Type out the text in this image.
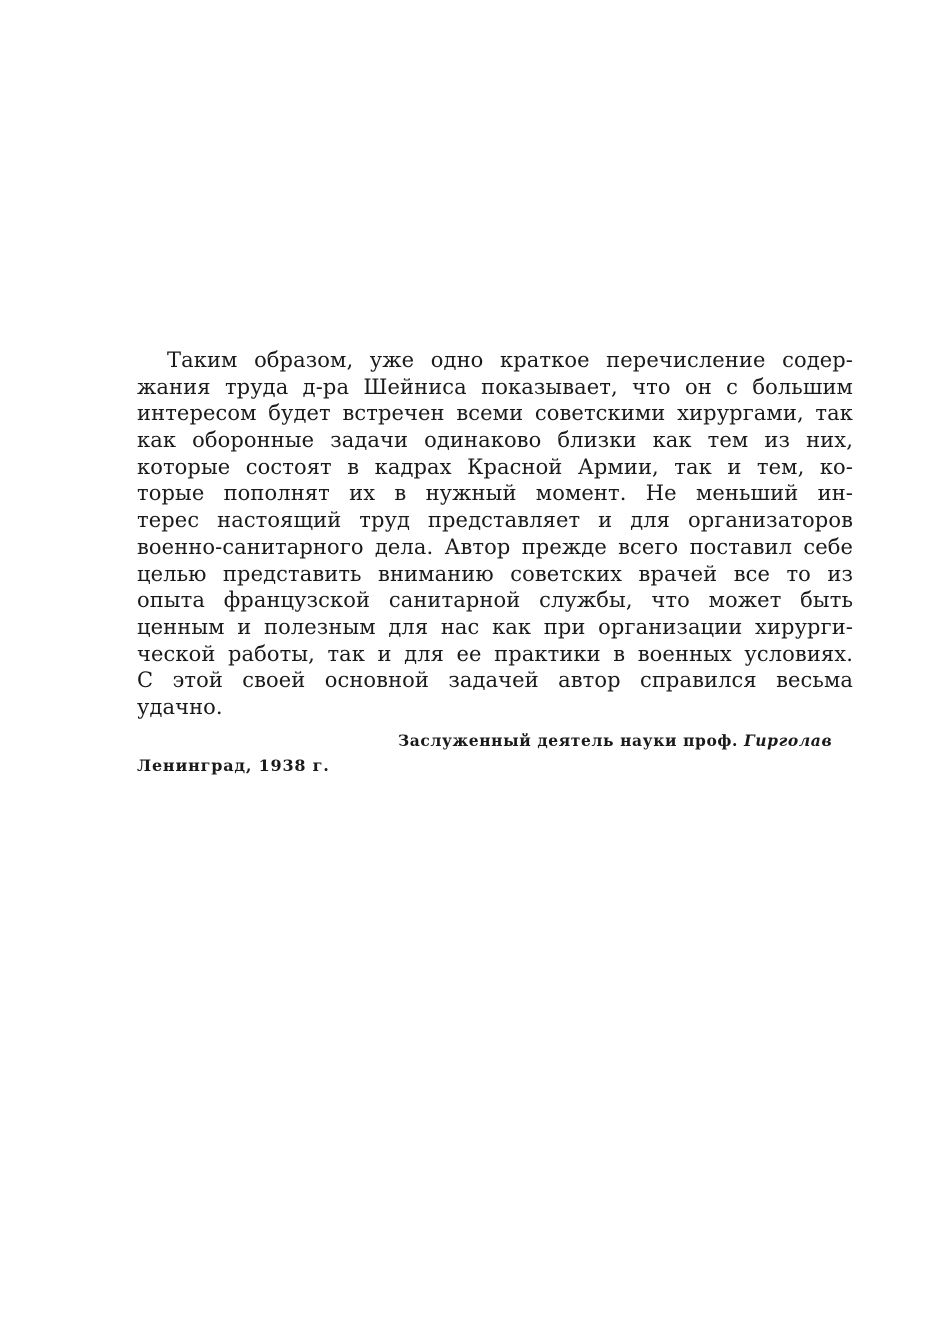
Таким образом, уже одно краткое перечисление содер-
жания труда д-ра Шейниса показывает, что он с большим
интересом будет встречен всеми советскими хирургами, так
как оборонные задачи одинаково близки как тем из них,
которые состоят в кадрах Красной Армии, так и тем, ко-
торые пополнят их в нужный момент. Не меньший ин-
терес настоящий труд представляет и для организаторов
военно-санитарного дела. Автор прежде всего поставил себе
целью представить вниманию советских врачей все то из
опыта французской санитарной службы, что может быть
ценным и полезным для нас как при организации хирурги-
ческой работы, так и для ее практики в военных условиях.
С этой своей основной задачей автор справился весьма
удачно.
Заслуженный деятель науки проф. Гирголав
Ленинград, 1938 г.
